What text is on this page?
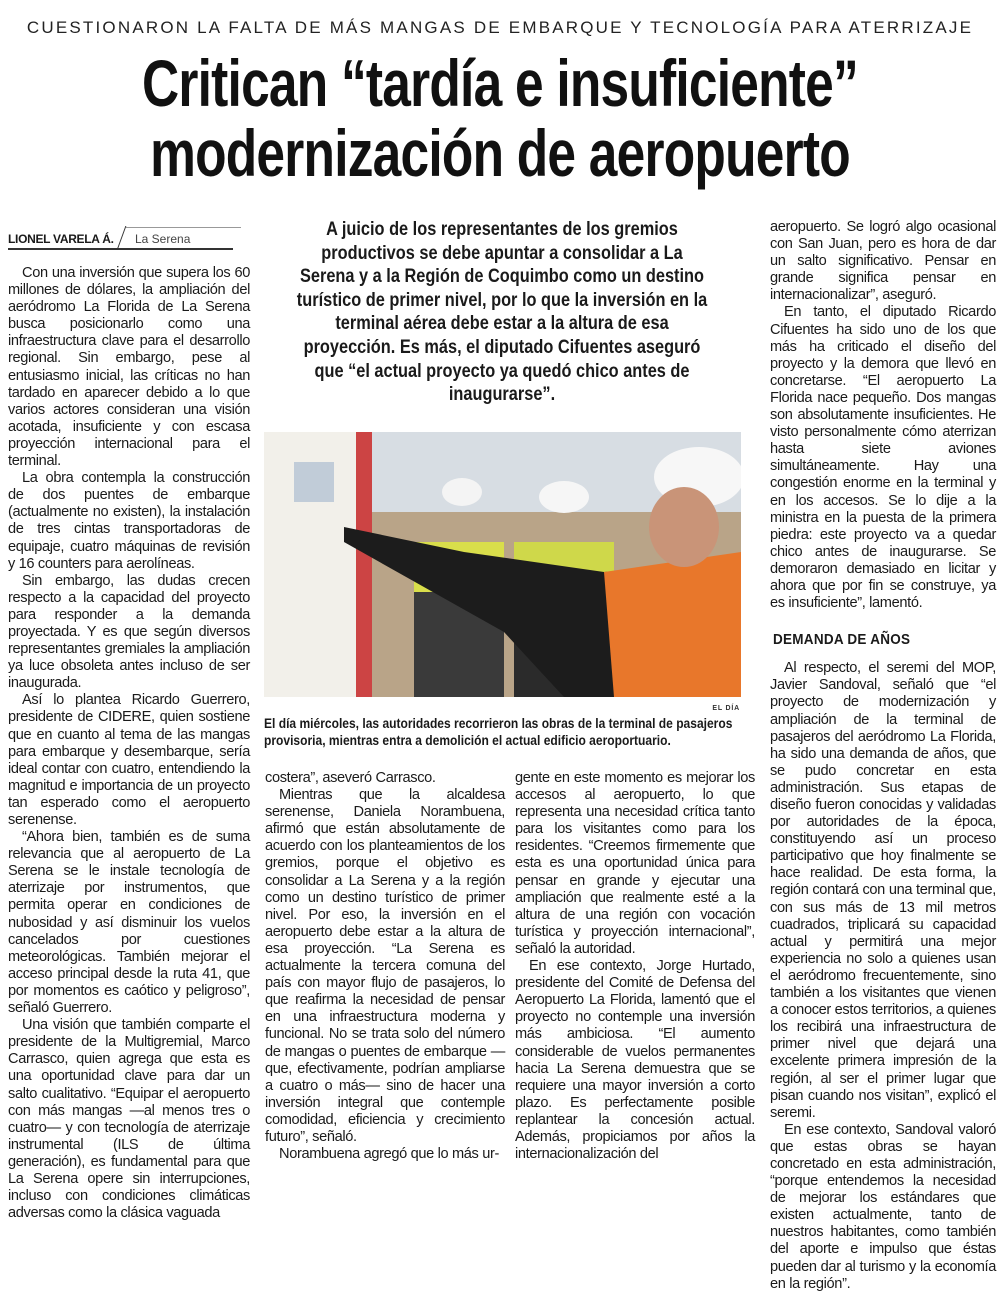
CUESTIONARON LA FALTA DE MÁS MANGAS DE EMBARQUE Y TECNOLOGÍA PARA ATERRIZAJE
Critican “tardía e insuficiente”
modernización de aeropuerto
LIONEL VARELA Á. La Serena	A juicio de los representantes de los gremios productivos se debe apuntar a consolidar a La Serena y a la Región de Coquimbo como un destino turístico de primer nivel, por lo que la inversión en la terminal aérea debe estar a la altura de esa proyección. Es más, el diputado Cifuentes aseguró que “el actual proyecto ya quedó chico antes de inaugurarse”.
EL DÍA
El día miércoles, las autoridades recorrieron las obras de la terminal de pasajeros provisoria, mientras entra a demolición el actual edificio aeroportuario.

Con una inversión que supera los 60 millones de dólares, la ampliación del aeródromo La Florida de La Serena busca posicionarlo como una infraestructura clave para el desarrollo regional. Sin embargo, pese al entusiasmo inicial, las críticas no han tardado en aparecer debido a lo que varios actores consideran una visión acotada, insuficiente y con escasa proyección internacional para el terminal.

La obra contempla la construcción de dos puentes de embarque (actualmente no existen), la instalación de tres cintas transportadoras de equipaje, cuatro máquinas de revisión y 16 counters para aerolíneas.

Sin embargo, las dudas crecen respecto a la capacidad del proyecto para responder a la demanda proyectada. Y es que según diversos representantes gremiales la ampliación ya luce obsoleta antes incluso de ser inaugurada.

Así lo plantea Ricardo Guerrero, presidente de CIDERE, quien sostiene que en cuanto al tema de las mangas para embarque y desembarque, sería ideal contar con cuatro, entendiendo la magnitud e importancia de un proyecto tan esperado como el aeropuerto serenense.

“Ahora bien, también es de suma relevancia que al aeropuerto de La Serena se le instale tecnología de aterrizaje por instrumentos, que permita operar en condiciones de nubosidad y así disminuir los vuelos cancelados por cuestiones meteorológicas. También mejorar el acceso principal desde la ruta 41, que por momentos es caótico y peligroso”, señaló Guerrero.

Una visión que también comparte el presidente de la Multigremial, Marco Carrasco, quien agrega que esta es una oportunidad clave para dar un salto cualitativo. “Equipar el aeropuerto con más mangas —al menos tres o cuatro— y con tecnología de aterrizaje instrumental (ILS de última generación), es fundamental para que La Serena opere sin interrupciones, incluso con condiciones climáticas adversas como la clásica vaguada

costera”, aseveró Carrasco.

Mientras que la alcaldesa serenense, Daniela Norambuena, afirmó que están absolutamente de acuerdo con los planteamientos de los gremios, porque el objetivo es consolidar a La Serena y a la región como un destino turístico de primer nivel. Por eso, la inversión en el aeropuerto debe estar a la altura de esa proyección. “La Serena es actualmente la tercera comuna del país con mayor flujo de pasajeros, lo que reafirma la necesidad de pensar en una infraestructura moderna y funcional. No se trata solo del número de mangas o puentes de embarque —que, efectivamente, podrían ampliarse a cuatro o más— sino de hacer una inversión integral que contemple comodidad, eficiencia y crecimiento futuro”, señaló.

Norambuena agregó que lo más ur-

gente en este momento es mejorar los accesos al aeropuerto, lo que representa una necesidad crítica tanto para los visitantes como para los residentes. “Creemos firmemente que esta es una oportunidad única para pensar en grande y ejecutar una ampliación que realmente esté a la altura de una región con vocación turística y proyección internacional”, señaló la autoridad.

En ese contexto, Jorge Hurtado, presidente del Comité de Defensa del Aeropuerto La Florida, lamentó que el proyecto no contemple una inversión más ambiciosa. “El aumento considerable de vuelos permanentes hacia La Serena demuestra que se requiere una mayor inversión a corto plazo. Es perfectamente posible replantear la concesión actual. Además, propiciamos por años la internacionalización del

aeropuerto. Se logró algo ocasional con San Juan, pero es hora de dar un salto significativo. Pensar en grande significa pensar en internacionalizar”, aseguró.

En tanto, el diputado Ricardo Cifuentes ha sido uno de los que más ha criticado el diseño del proyecto y la demora que llevó en concretarse. “El aeropuerto La Florida nace pequeño. Dos mangas son absolutamente insuficientes. He visto personalmente cómo aterrizan hasta siete aviones simultáneamente. Hay una congestión enorme en la terminal y en los accesos. Se lo dije a la ministra en la puesta de la primera piedra: este proyecto va a quedar chico antes de inaugurarse. Se demoraron demasiado en licitar y ahora que por fin se construye, ya es insuficiente”, lamentó.

DEMANDA DE AÑOS

Al respecto, el seremi del MOP, Javier Sandoval, señaló que “el proyecto de modernización y ampliación de la terminal de pasajeros del aeródromo La Florida, ha sido una demanda de años, que se pudo concretar en esta administración. Sus etapas de diseño fueron conocidas y validadas por autoridades de la época, constituyendo así un proceso participativo que hoy finalmente se hace realidad. De esta forma, la región contará con una terminal que, con sus más de 13 mil metros cuadrados, triplicará su capacidad actual y permitirá una mejor experiencia no solo a quienes usan el aeródromo frecuentemente, sino también a los visitantes que vienen a conocer estos territorios, a quienes los recibirá una infraestructura de primer nivel que dejará una excelente primera impresión de la región, al ser el primer lugar que pisan cuando nos visitan”, explicó el seremi.

En ese contexto, Sandoval valoró que estas obras se hayan concretado en esta administración, “porque entendemos la necesidad de mejorar los estándares que existen actualmente, tanto de nuestros habitantes, como también del aporte e impulso que éstas pueden dar al turismo y la economía en la región”.
